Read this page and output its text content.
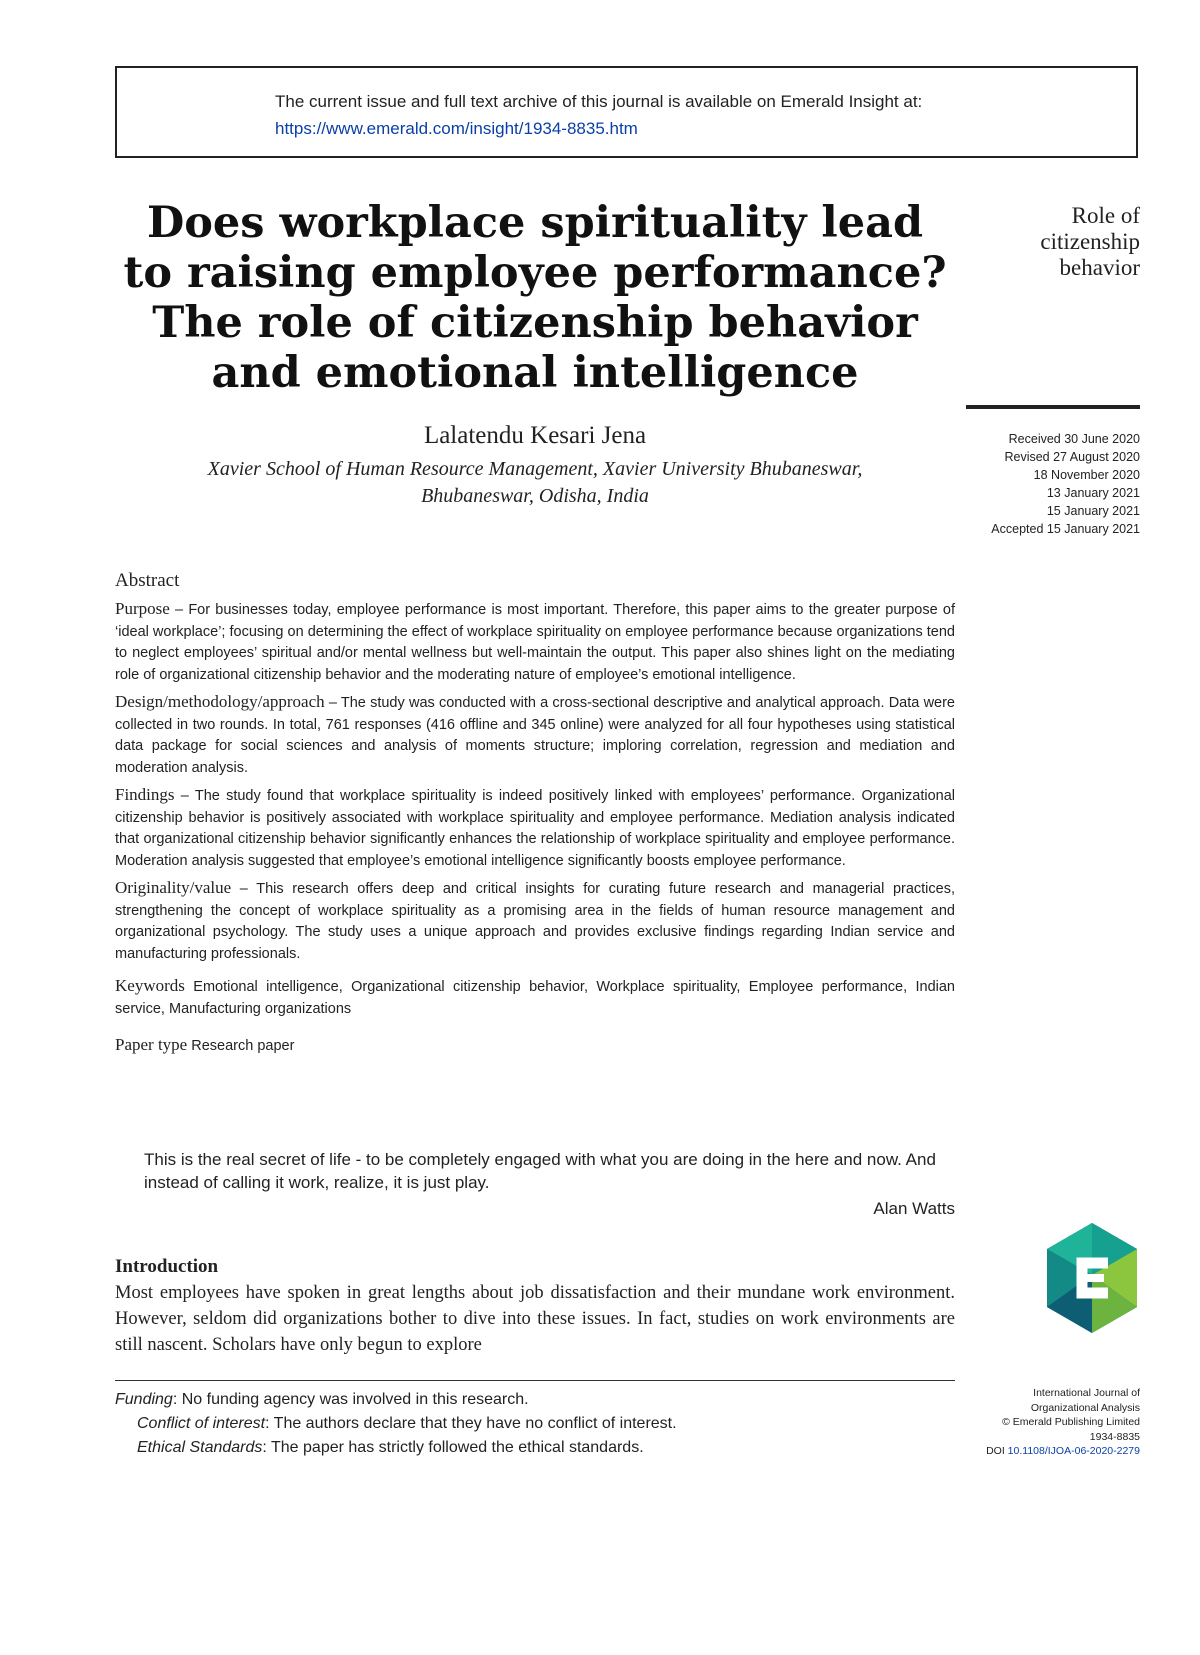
The current issue and full text archive of this journal is available on Emerald Insight at:
https://www.emerald.com/insight/1934-8835.htm
Does workplace spirituality lead
to raising employee performance?
The role of citizenship behavior
and emotional intelligence
Lalatendu Kesari Jena
Xavier School of Human Resource Management, Xavier University Bhubaneswar,
Bhubaneswar, Odisha, India
Role of
citizenship
behavior
Received 30 June 2020
Revised 27 August 2020
18 November 2020
13 January 2021
15 January 2021
Accepted 15 January 2021
Abstract

Purpose – For businesses today, employee performance is most important. Therefore, this paper aims to the greater purpose of ‘ideal workplace’; focusing on determining the effect of workplace spirituality on employee performance because organizations tend to neglect employees’ spiritual and/or mental wellness but well-maintain the output. This paper also shines light on the mediating role of organizational citizenship behavior and the moderating nature of employee’s emotional intelligence.

Design/methodology/approach – The study was conducted with a cross-sectional descriptive and analytical approach. Data were collected in two rounds. In total, 761 responses (416 offline and 345 online) were analyzed for all four hypotheses using statistical data package for social sciences and analysis of moments structure; imploring correlation, regression and mediation and moderation analysis.

Findings – The study found that workplace spirituality is indeed positively linked with employees’ performance. Organizational citizenship behavior is positively associated with workplace spirituality and employee performance. Mediation analysis indicated that organizational citizenship behavior significantly enhances the relationship of workplace spirituality and employee performance. Moderation analysis suggested that employee’s emotional intelligence significantly boosts employee performance.

Originality/value – This research offers deep and critical insights for curating future research and managerial practices, strengthening the concept of workplace spirituality as a promising area in the fields of human resource management and organizational psychology. The study uses a unique approach and provides exclusive findings regarding Indian service and manufacturing professionals.

Keywords Emotional intelligence, Organizational citizenship behavior, Workplace spirituality, Employee performance, Indian service, Manufacturing organizations

Paper type Research paper

This is the real secret of life - to be completely engaged with what you are doing in the here and now. And instead of calling it work, realize, it is just play.
Alan Watts
Introduction

Most employees have spoken in great lengths about job dissatisfaction and their mundane work environment. However, seldom did organizations bother to dive into these issues. In fact, studies on work environments are still nascent. Scholars have only begun to explore

Funding: No funding agency was involved in this research.
Conflict of interest: The authors declare that they have no conflict of interest.
Ethical Standards: The paper has strictly followed the ethical standards.
International Journal of
Organizational Analysis
© Emerald Publishing Limited
1934-8835
DOI 10.1108/IJOA-06-2020-2279
